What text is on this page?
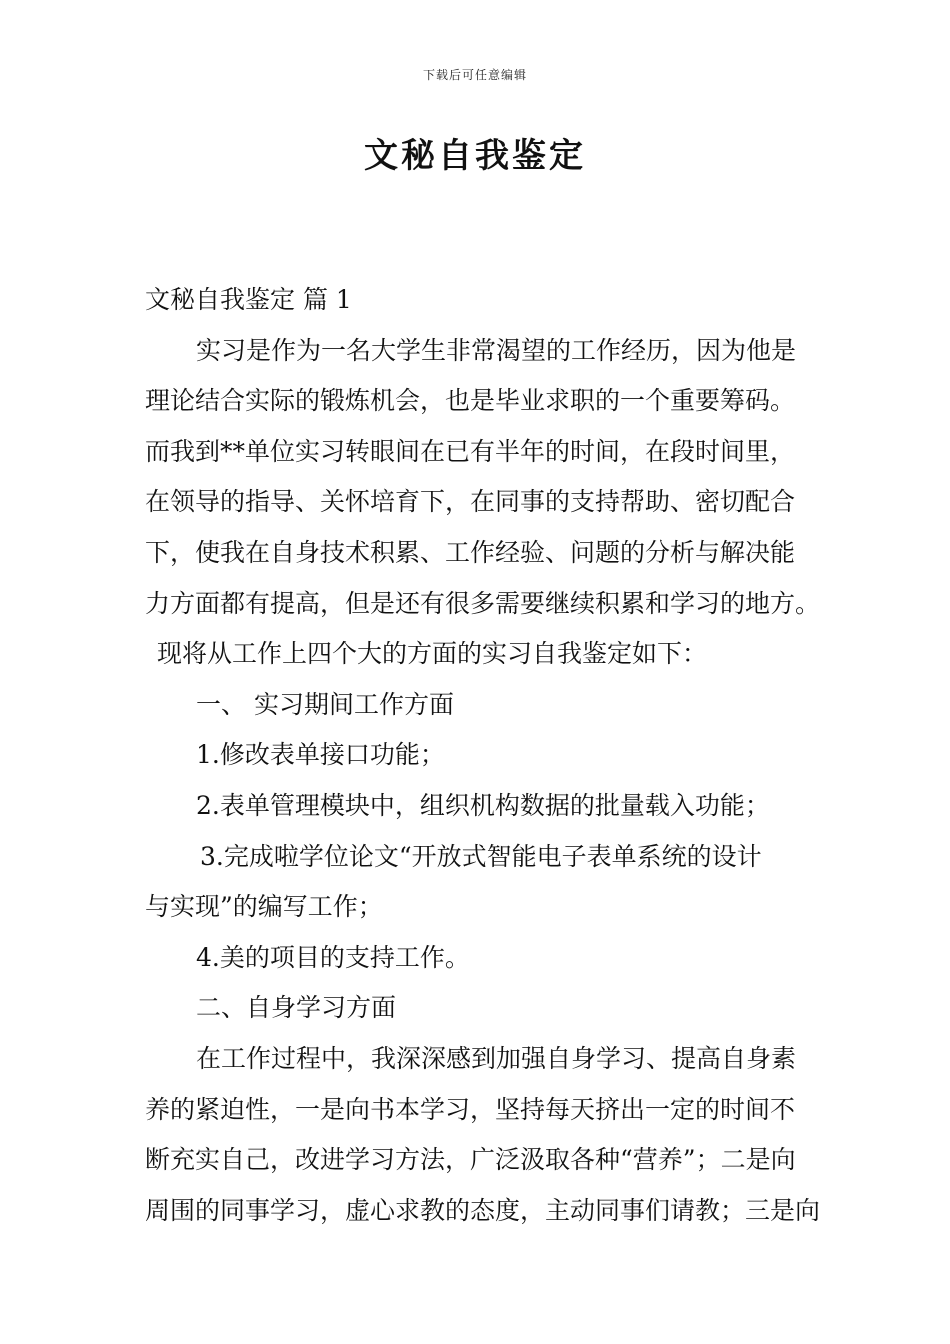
下载后可任意编辑
文秘自我鉴定
文秘自我鉴定 篇 1
实习是作为一名大学生非常渴望的工作经历，因为他是
理论结合实际的锻炼机会，也是毕业求职的一个重要筹码。
而我到**单位实习转眼间在已有半年的时间，在段时间里，
在领导的指导、关怀培育下，在同事的支持帮助、密切配合
下，使我在自身技术积累、工作经验、问题的分析与解决能
力方面都有提高，但是还有很多需要继续积累和学习的地方。
现将从工作上四个大的方面的实习自我鉴定如下：
一、 实习期间工作方面
1.修改表单接口功能；
2.表单管理模块中，组织机构数据的批量载入功能；
3.完成啦学位论文“开放式智能电子表单系统的设计
与实现”的编写工作；
4.美的项目的支持工作。
二、自身学习方面
在工作过程中，我深深感到加强自身学习、提高自身素
养的紧迫性，一是向书本学习，坚持每天挤出一定的时间不
断充实自己，改进学习方法，广泛汲取各种“营养”；二是向
周围的同事学习，虚心求教的态度，主动同事们请教；三是向
